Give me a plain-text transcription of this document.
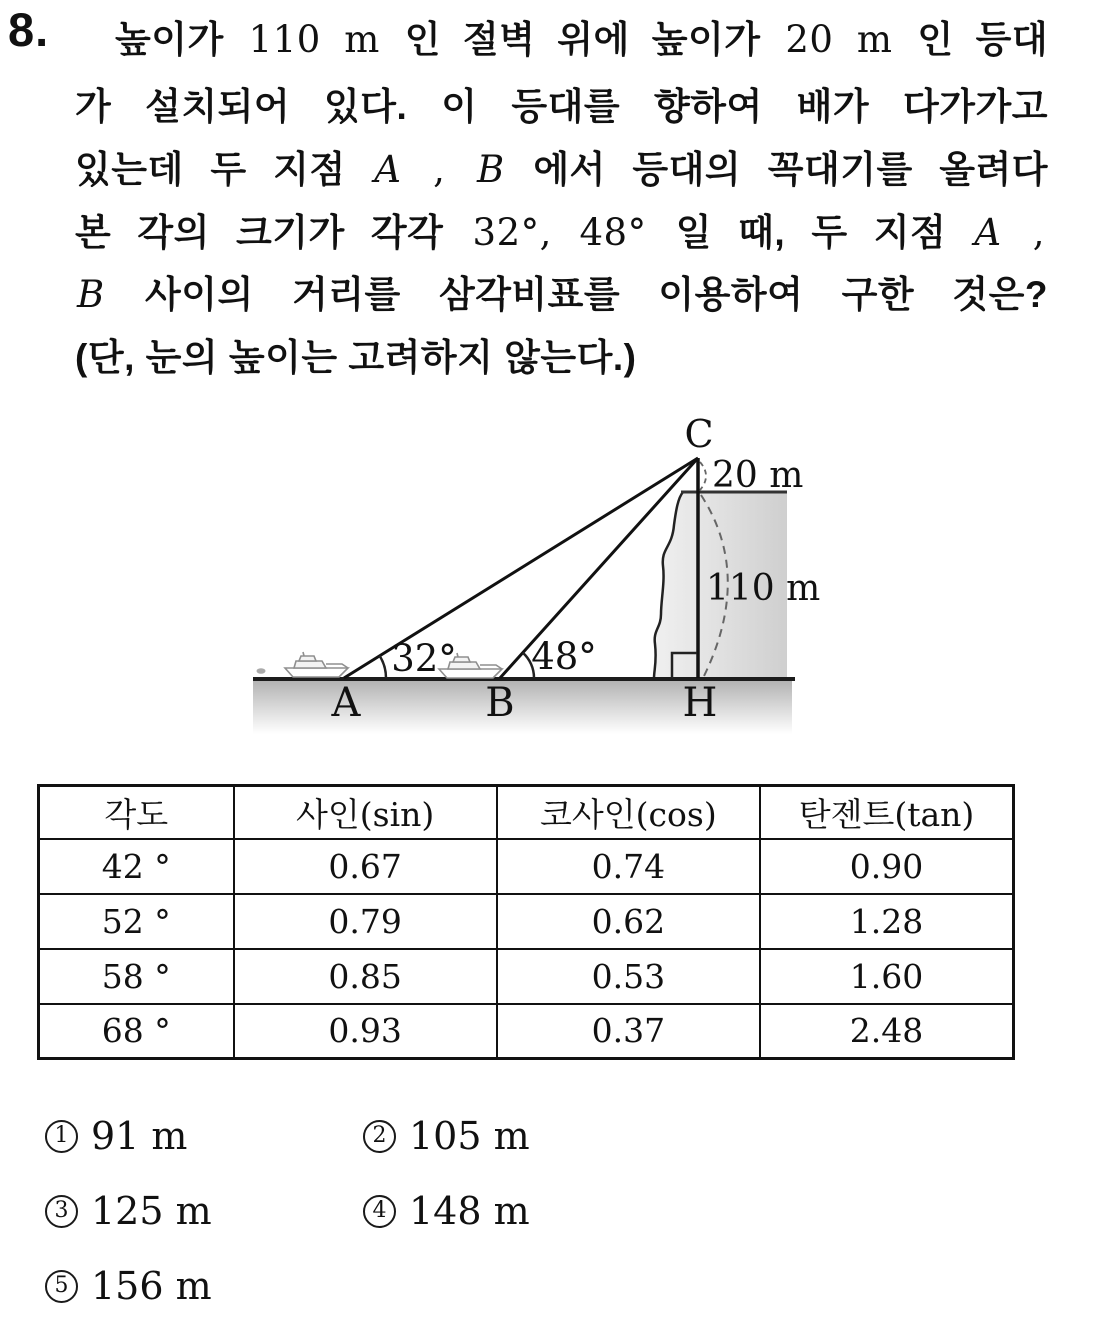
8. 높이가 110 m 인 절벽 위에 높이가 20 m 인 등대
가 설치되어 있다. 이 등대를 향하여 배가 다가가고
있는데 두 지점 A , B 에서 등대의 꼭대기를 올려다
본 각의 크기가 각각 32°, 48° 일 때, 두 지점 A ,
B 사이의 거리를 삼각비표를 이용하여 구한 것은?
(단, 눈의 높이는 고려하지 않는다.)
C
A	B	H
20 m
110 m
32° 48°
각도	사인(sin)	코사인(cos)	탄젠트(tan)
42 °	0.67	0.74	0.90
52 °	0.79	0.62	1.28
58 °	0.85	0.53	1.60
68 °	0.93	0.37	2.48
1 91 m	2 105 m
3 125 m	4 148 m
5 156 m
